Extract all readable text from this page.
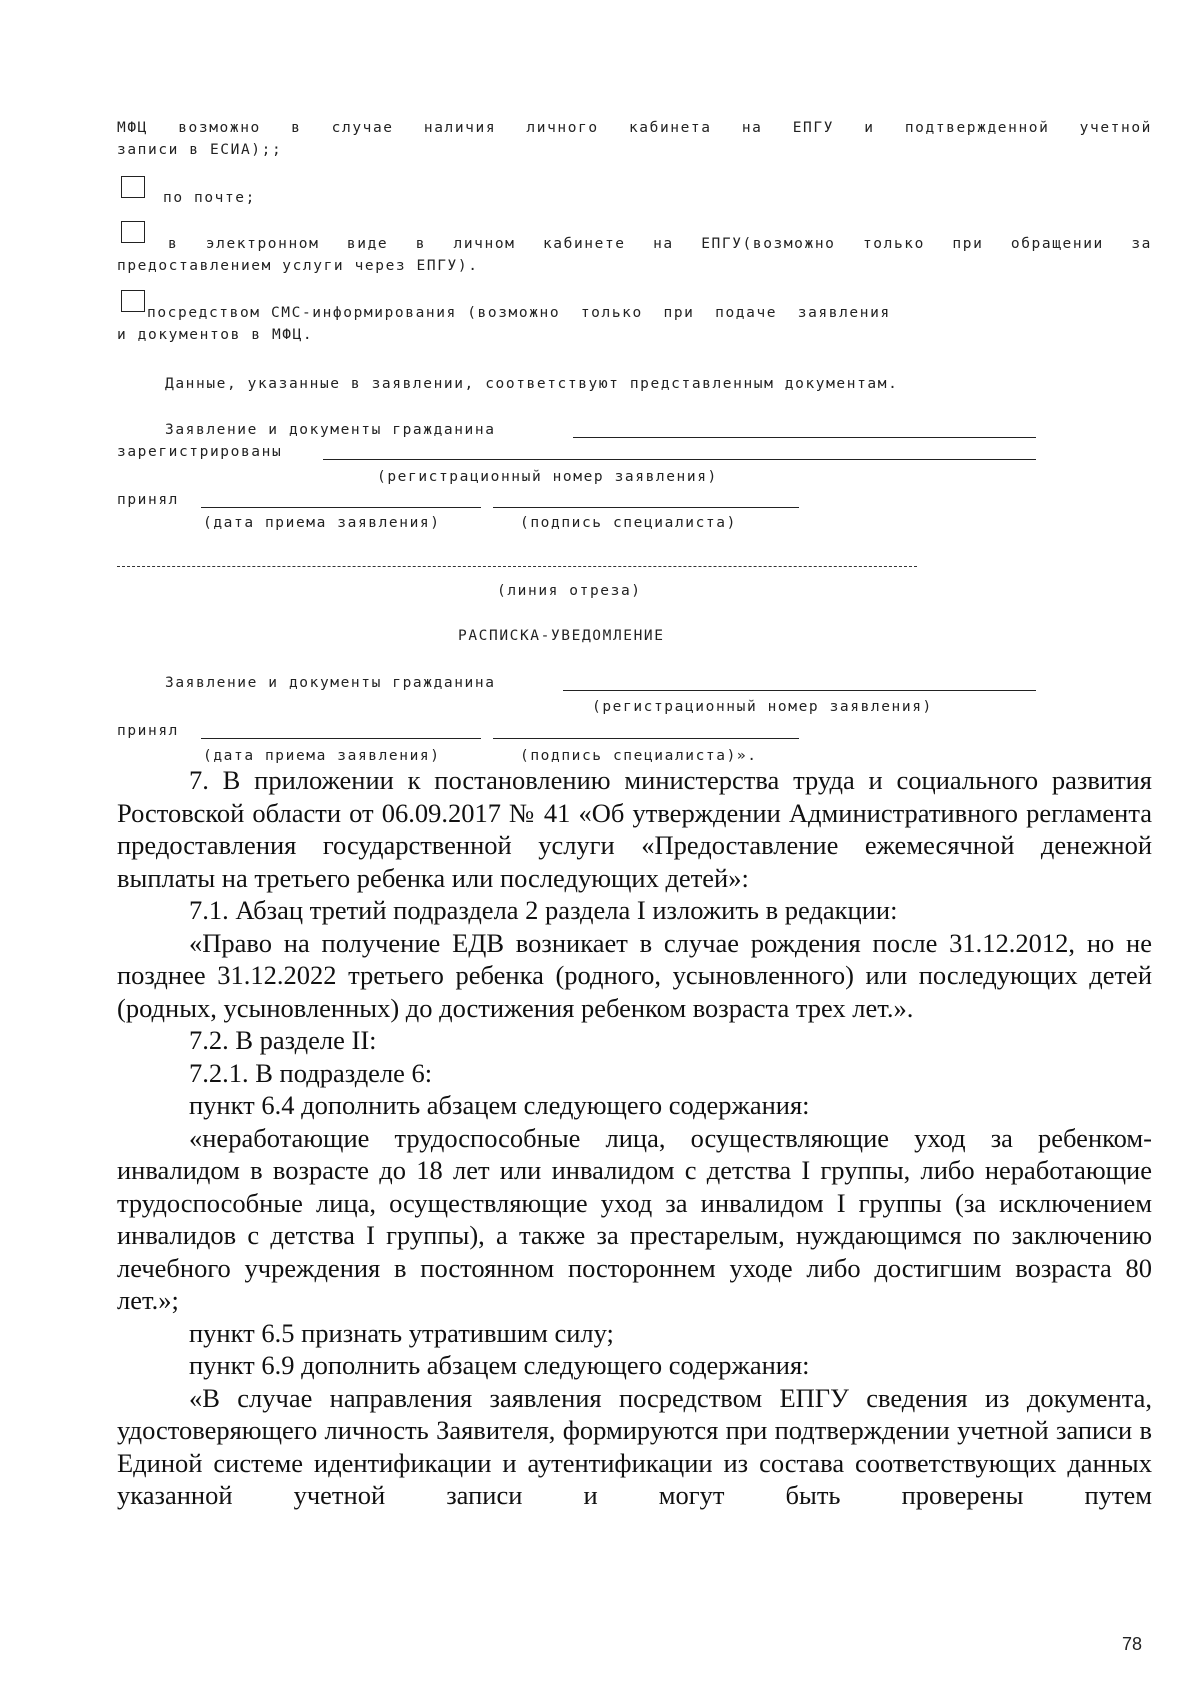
МФЦ возможно в случае наличия личного кабинета на ЕПГУ и подтвержденной учетной
записи в ЕСИА);;
по почте;
в электронном виде в личном кабинете на ЕПГУ(возможно только при обращении за
предоставлением услуги через ЕПГУ).
посредством СМС-информирования (возможно  только  при  подаче  заявления
и документов в МФЦ.
Данные, указанные в заявлении, соответствуют представленным документам.
Заявление и документы гражданина
зарегистрированы
(регистрационный номер заявления)
принял
(дата приема заявления)	(подпись специалиста)
(линия отреза)
РАСПИСКА-УВЕДОМЛЕНИЕ
Заявление и документы гражданина
(регистрационный номер заявления)
принял
(дата приема заявления)	(подпись специалиста)».

7. В приложении к постановлению министерства труда и социального развития Ростовской области от 06.09.2017 № 41 «Об утверждении Административного регламента предоставления государственной услуги «Предоставление ежемесячной денежной выплаты на третьего ребенка или последующих детей»:

7.1. Абзац третий подраздела 2 раздела I изложить в редакции:

«Право на получение ЕДВ возникает в случае рождения после 31.12.2012, но не позднее 31.12.2022 третьего ребенка (родного, усыновленного) или последующих детей (родных, усыновленных) до достижения ребенком возраста трех лет.».

7.2. В разделе II:

7.2.1. В подразделе 6:

пункт 6.4 дополнить абзацем следующего содержания:

«неработающие трудоспособные лица, осуществляющие уход за ребенком-инвалидом в возрасте до 18 лет или инвалидом с детства I группы, либо неработающие трудоспособные лица, осуществляющие уход за инвалидом I группы (за исключением инвалидов с детства I группы), а также за престарелым, нуждающимся по заключению лечебного учреждения в постоянном постороннем уходе либо достигшим возраста 80 лет.»;

пункт 6.5 признать утратившим силу;

пункт 6.9 дополнить абзацем следующего содержания:

«В случае направления заявления посредством ЕПГУ сведения из документа, удостоверяющего личность Заявителя, формируются при подтверждении учетной записи в Единой системе идентификации и аутентификации из состава соответствующих данных указанной учетной записи и могут быть проверены путем

78
